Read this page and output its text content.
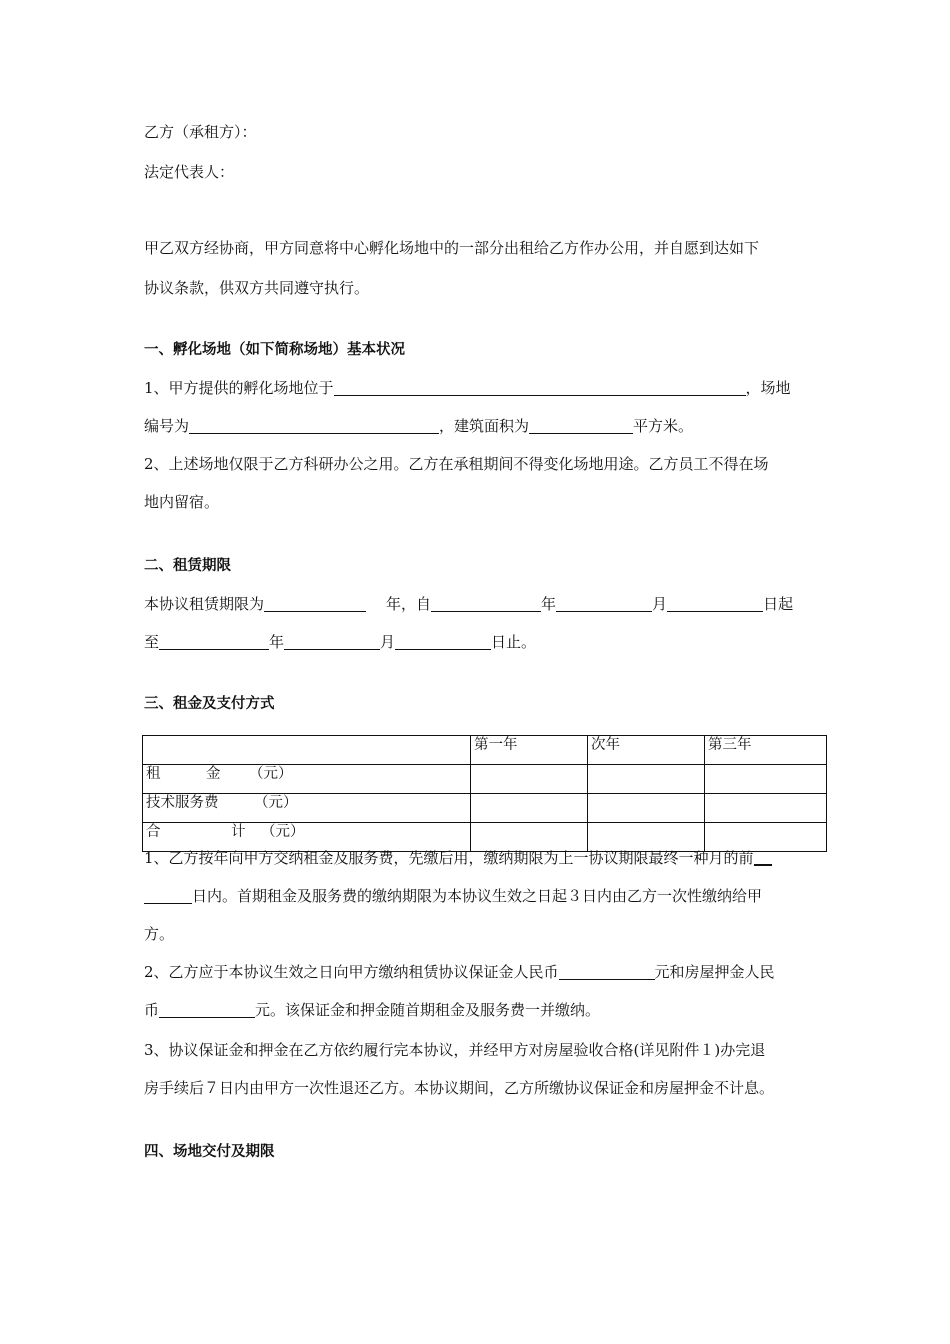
乙方（承租方）：
法定代表人：
甲乙双方经协商，甲方同意将中心孵化场地中的一部分出租给乙方作办公用，并自愿到达如下
协议条款，供双方共同遵守执行。
一、孵化场地（如下简称场地）基本状况
1、甲方提供的孵化场地位于	，场地
编号为	，建筑面积为	平方米。
2、上述场地仅限于乙方科研办公之用。乙方在承租期间不得变化场地用途。乙方员工不得在场
地内留宿。
二、租赁期限
本协议租赁期限为	年，自	年	月	日起
至	年	月	日止。
三、租金及支付方式
	第一年	次年	第三年
租 金 （元）			
技术服务费 （元）			
合 计 （元）			
1、乙方按年向甲方交纳租金及服务费，先缴后用，缴纳期限为上一协议期限最终一种月的前
日内。首期租金及服务费的缴纳期限为本协议生效之日起３日内由乙方一次性缴纳给甲
方。
2、乙方应于本协议生效之日向甲方缴纳租赁协议保证金人民币	元和房屋押金人民
币	元。该保证金和押金随首期租金及服务费一并缴纳。
3、协议保证金和押金在乙方依约履行完本协议，并经甲方对房屋验收合格(详见附件１)办完退
房手续后７日内由甲方一次性退还乙方。本协议期间，乙方所缴协议保证金和房屋押金不计息。
四、场地交付及期限
